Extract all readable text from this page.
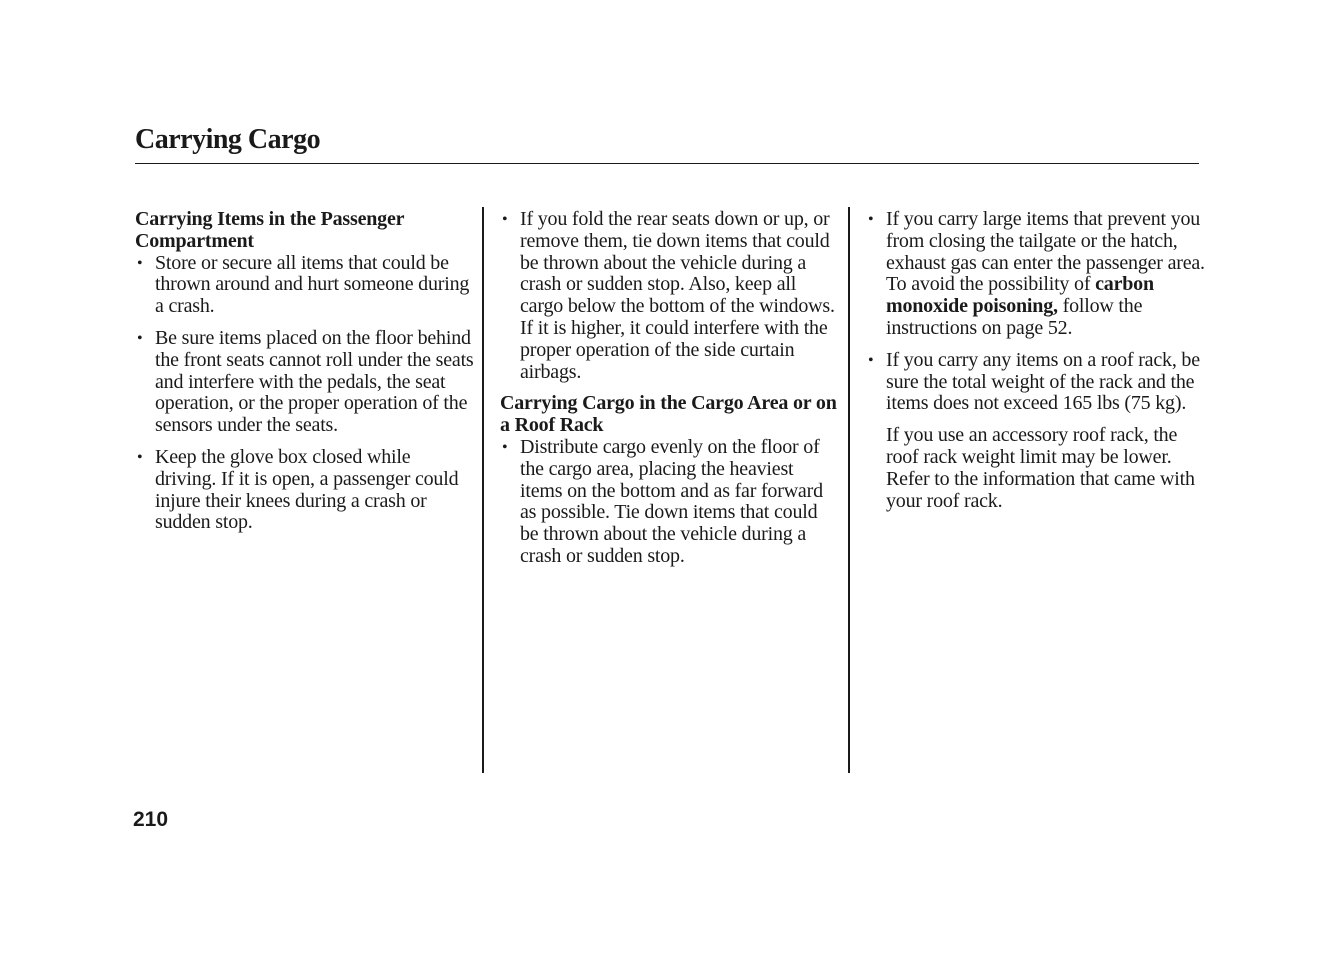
Carrying Cargo

Carrying Items in the Passenger Compartment

• Store or secure all items that could be thrown around and hurt someone during a crash.
• Be sure items placed on the floor behind the front seats cannot roll under the seats and interfere with the pedals, the seat operation, or the proper operation of the sensors under the seats.
• Keep the glove box closed while driving. If it is open, a passenger could injure their knees during a crash or sudden stop.
• If you fold the rear seats down or up, or remove them, tie down items that could be thrown about the vehicle during a crash or sudden stop. Also, keep all cargo below the bottom of the windows. If it is higher, it could interfere with the proper operation of the side curtain airbags.

Carrying Cargo in the Cargo Area or on a Roof Rack

• Distribute cargo evenly on the floor of the cargo area, placing the heaviest items on the bottom and as far forward as possible. Tie down items that could be thrown about the vehicle during a crash or sudden stop.
• If you carry large items that prevent you from closing the tailgate or the hatch, exhaust gas can enter the passenger area. To avoid the possibility of carbon monoxide poisoning, follow the instructions on page 52.
• If you carry any items on a roof rack, be sure the total weight of the rack and the items does not exceed 165 lbs (75 kg).

If you use an accessory roof rack, the roof rack weight limit may be lower. Refer to the information that came with your roof rack.

210
